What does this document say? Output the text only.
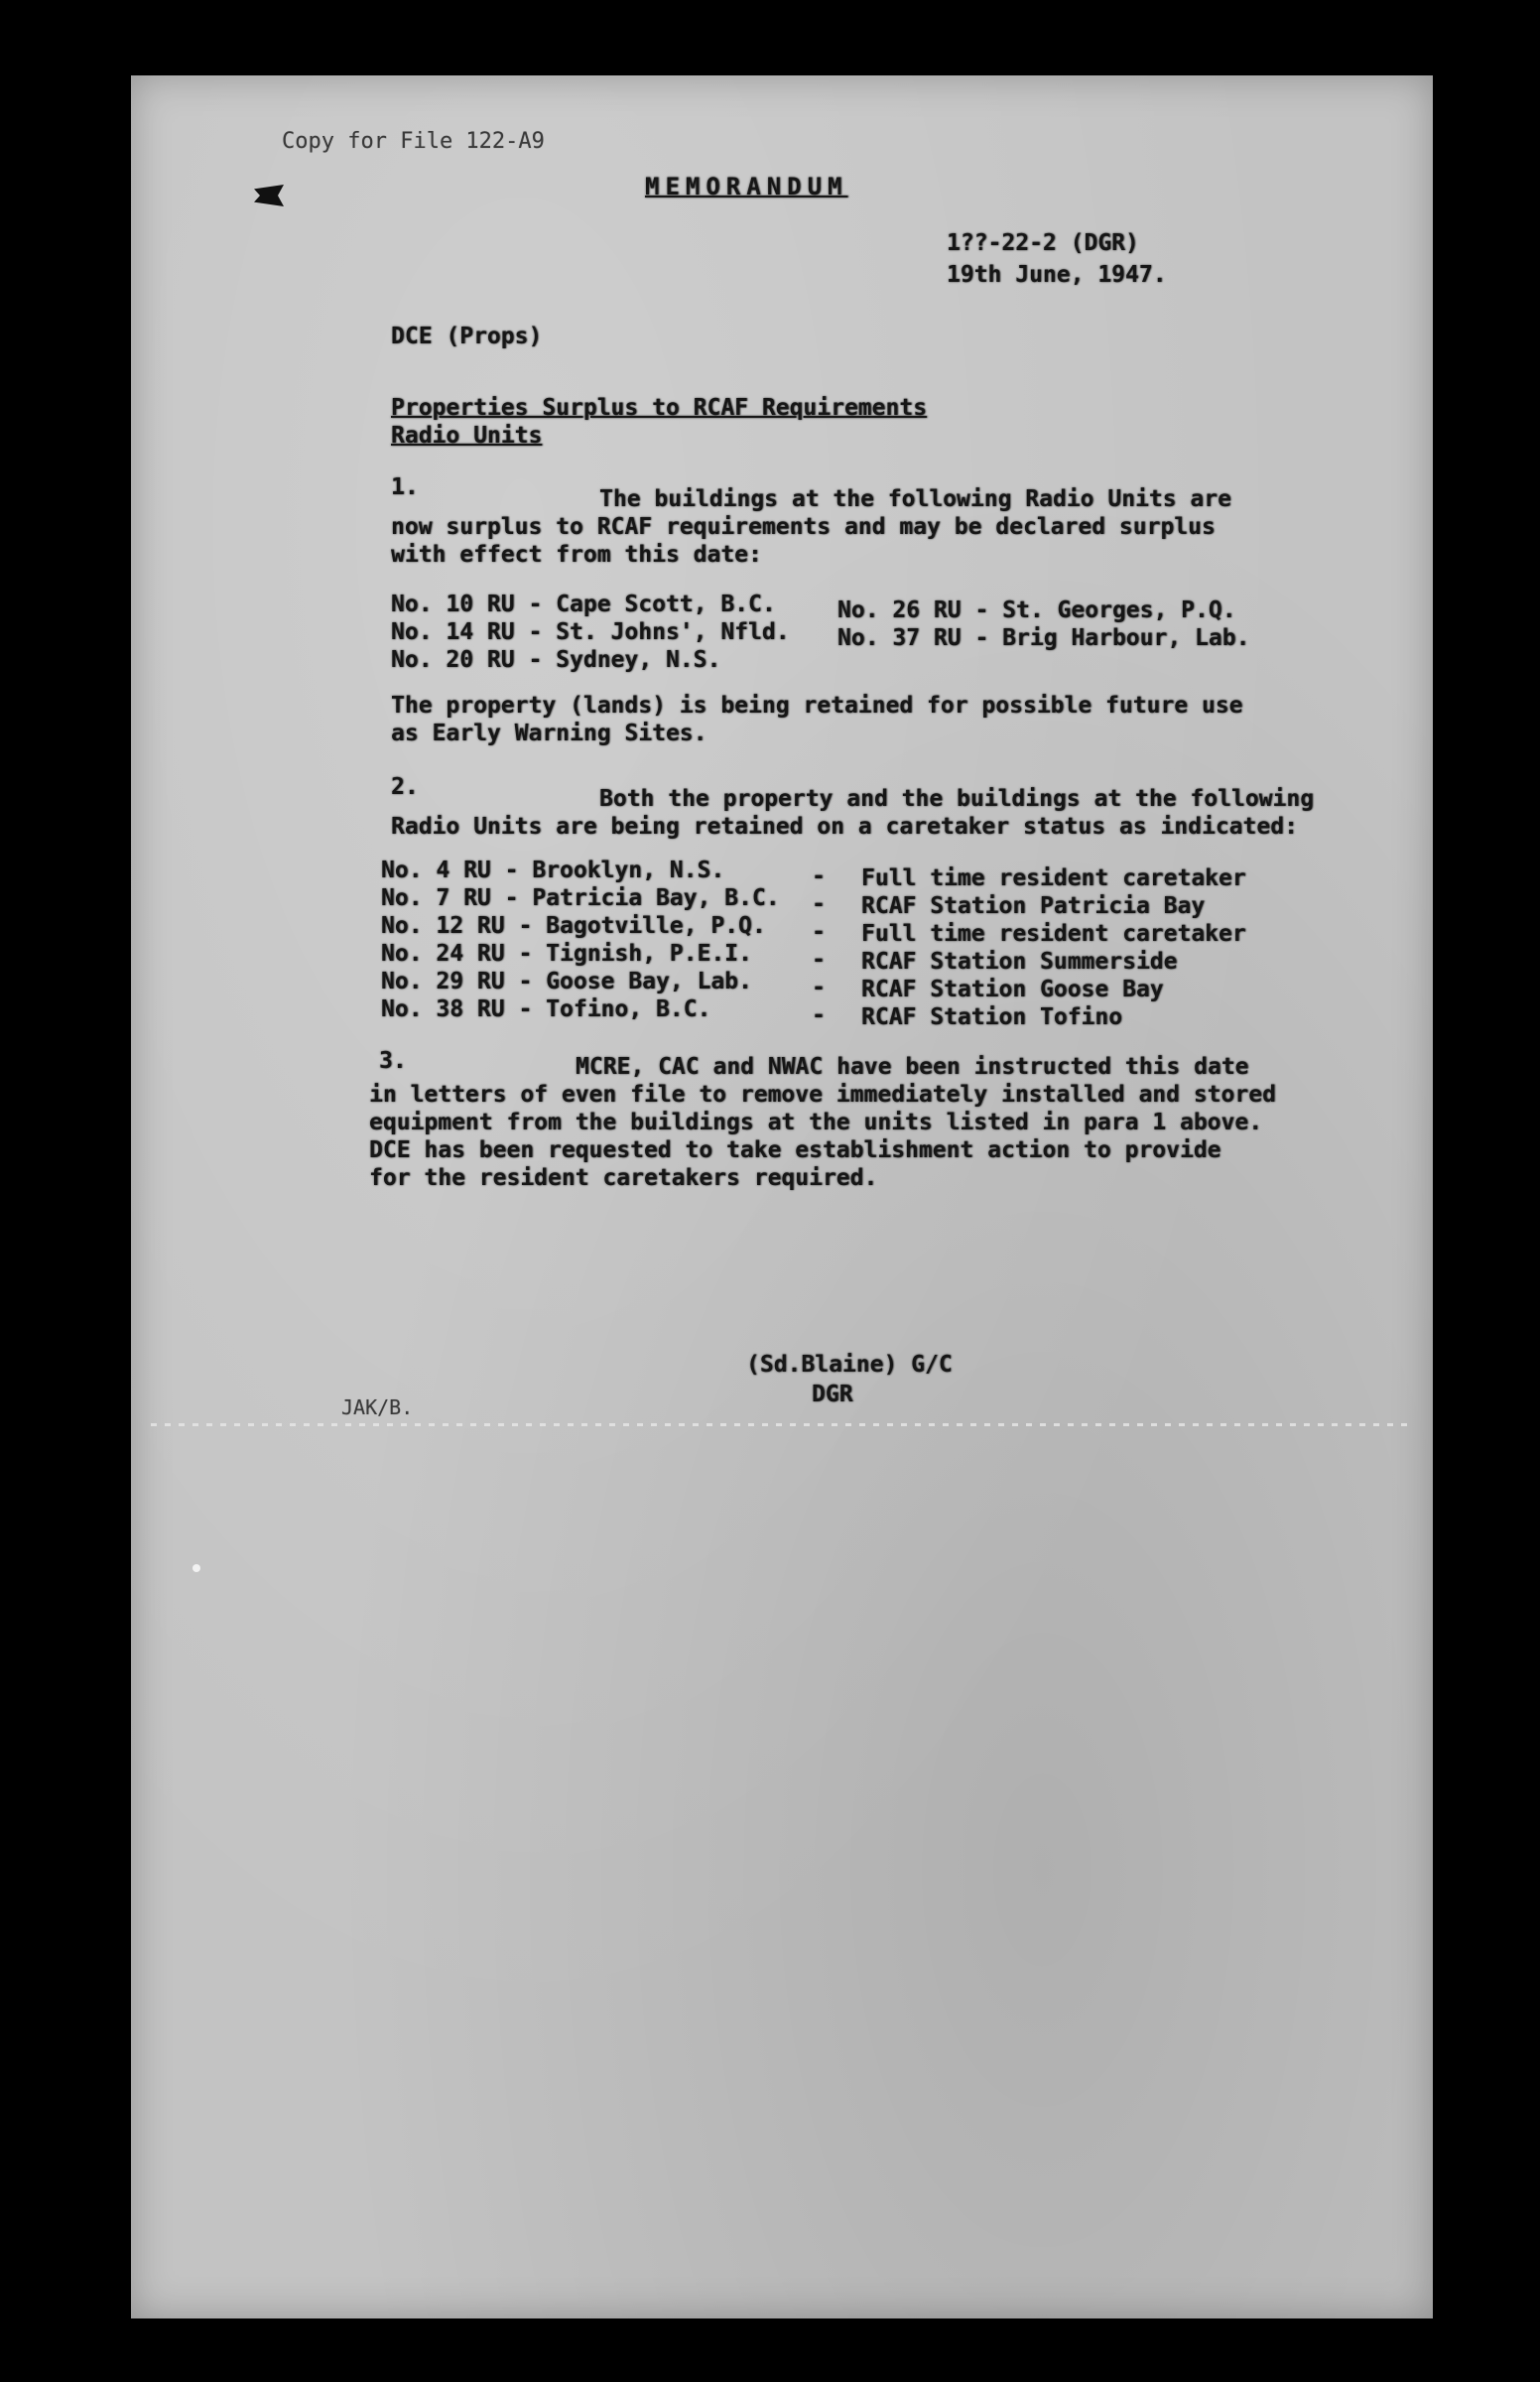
Copy for File 122-A9
MEMORANDUM
1??-22-2 (DGR)
19th June, 1947.
DCE (Props)
Properties Surplus to RCAF Requirements
Radio Units
1.	The buildings at the following Radio Units are
now surplus to RCAF requirements and may be declared surplus
with effect from this date:
No. 10 RU - Cape Scott, B.C.
No. 14 RU - St. Johns', Nfld.
No. 20 RU - Sydney, N.S.
No. 26 RU - St. Georges, P.Q.
No. 37 RU - Brig Harbour, Lab.
The property (lands) is being retained for possible future use
as Early Warning Sites.
2.	Both the property and the buildings at the following
Radio Units are being retained on a caretaker status as indicated:
No. 4 RU - Brooklyn, N.S.	- Full time resident caretaker
No. 7 RU - Patricia Bay, B.C. - RCAF Station Patricia Bay
No. 12 RU - Bagotville, P.Q. - Full time resident caretaker
No. 24 RU - Tignish, P.E.I.	- RCAF Station Summerside
No. 29 RU - Goose Bay, Lab.	- RCAF Station Goose Bay
No. 38 RU - Tofino, B.C.	- RCAF Station Tofino
3.	MCRE, CAC and NWAC have been instructed this date
in letters of even file to remove immediately installed and stored
equipment from the buildings at the units listed in para 1 above.
DCE has been requested to take establishment action to provide
for the resident caretakers required.
(Sd.Blaine) G/C
DGR
JAK/B.
